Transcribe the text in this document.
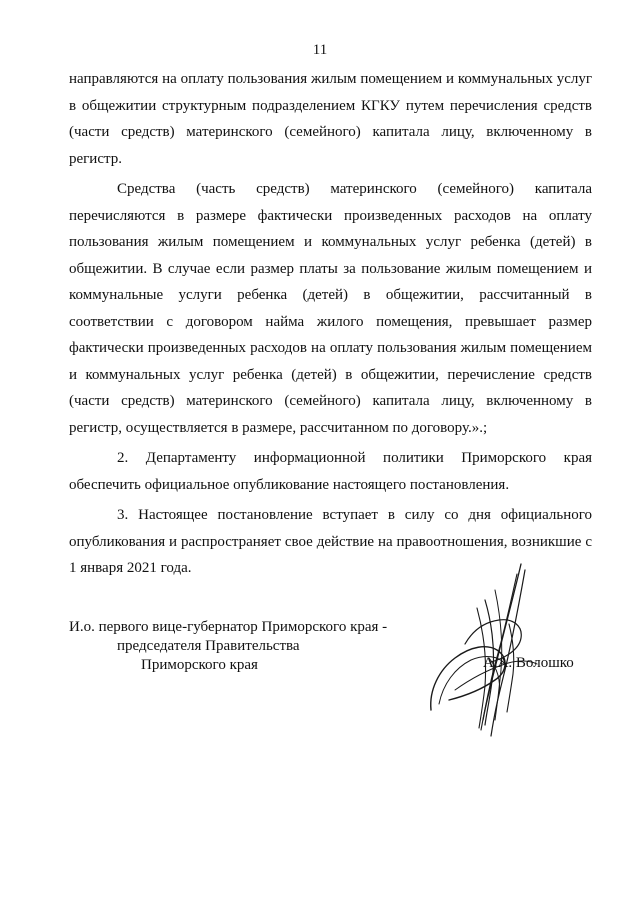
11

направляются на оплату пользования жилым помещением и коммунальных услуг в общежитии структурным подразделением КГКУ путем перечисления средств (части средств) материнского (семейного) капитала лицу, включенному в регистр.

Средства (часть средств) материнского (семейного) капитала перечисляются в размере фактически произведенных расходов на оплату пользования жилым помещением и коммунальных услуг ребенка (детей) в общежитии. В случае если размер платы за пользование жилым помещением и коммунальные услуги ребенка (детей) в общежитии, рассчитанный в соответствии с договором найма жилого помещения, превышает размер фактически произведенных расходов на оплату пользования жилым помещением и коммунальных услуг ребенка (детей) в общежитии, перечисление средств (части средств) материнского (семейного) капитала лицу, включенному в регистр, осуществляется в размере, рассчитанном по договору.».;

2. Департаменту информационной политики Приморского края обеспечить официальное опубликование настоящего постановления.

3. Настоящее постановление вступает в силу со дня официального опубликования и распространяет свое действие на правоотношения, возникшие с 1 января 2021 года.

И.о. первого вице-губернатор Приморского края -
председателя Правительства
Приморского края	А.А. Волошко
